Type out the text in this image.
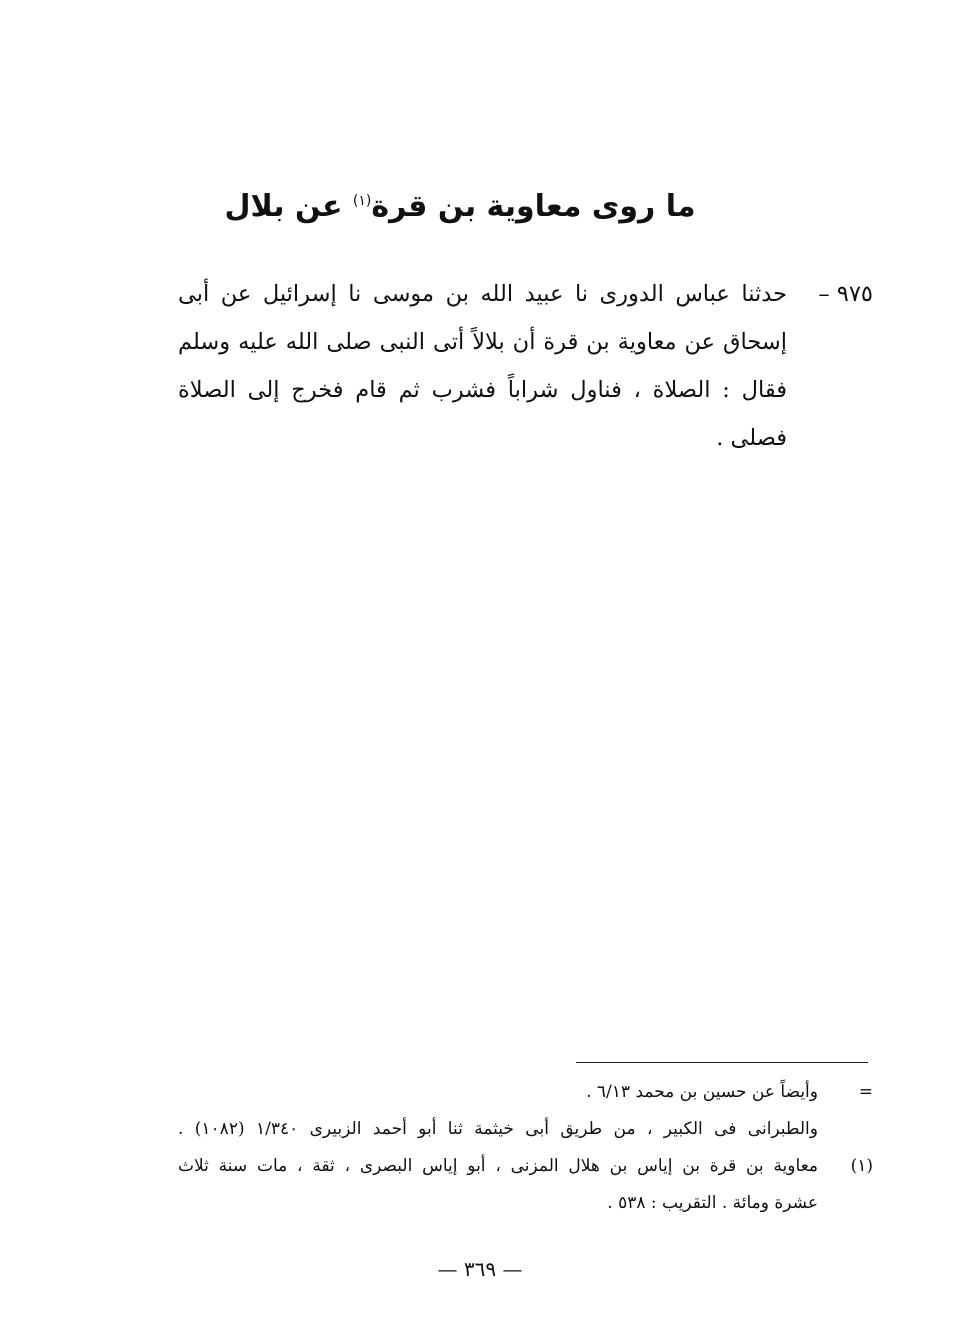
ما روى معاوية بن قرة$^{(١)}$ عن بلال
٩٧٥ –
حدثنا عباس الدورى نا عبيد الله بن موسى نا إسرائيل عن أبى
إسحاق عن معاوية بن قرة أن بلالاً أتى النبى صلى الله عليه وسلم
فقال : الصلاة ، فناول شراباً فشرب ثم قام فخرج إلى الصلاة
فصلى .
=
وأيضاً عن حسين بن محمد ٦/١٣ .
والطبرانى فى الكبير ، من طريق أبى خيثمة ثنا أبو أحمد الزبيرى ١/٣٤٠ (١٠٨٢) .
(١)
معاوية بن قرة بن إياس بن هلال المزنى ، أبو إياس البصرى ، ثقة ، مات سنة ثلاث
عشرة ومائة . التقريب : ٥٣٨ .
— ٣٦٩ —
